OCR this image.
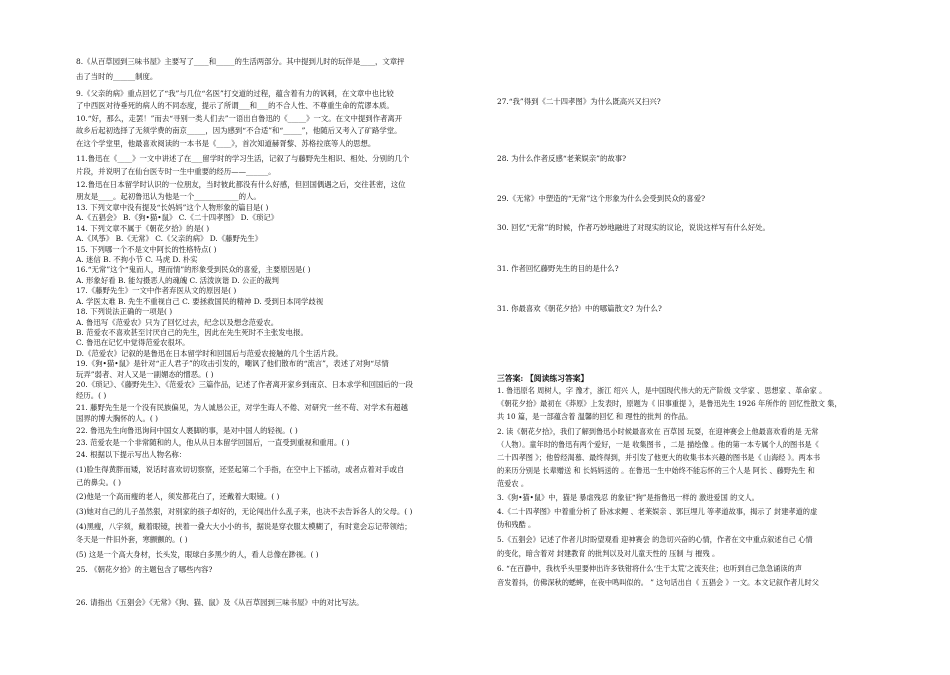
8.《从百草园到三味书屋》主要写了____和_____的生活两部分。其中提到儿时的玩伴是____，文章抨
击了当时的______制度。
9.《父亲的病》重点回忆了“我”与几位“名医”打交道的过程，蕴含着有力的讽刺，在文章中也比较
了中西医对待垂死的病人的不同态度，提示了所谓___和___的不合人性、不尊重生命的荒谬本质。
10.“好，那么，走罢！”而去“寻别一类人们去”一语出自鲁迅的《_____》一文。在文中提到作者离开
故乡后起初选择了无须学费的南京_____，因为感到“不合适”和“_____”，他随后又考入了矿路学堂。
在这个学堂里，他最喜欢阅读的一本书是《____》，首次知道赫胥黎、苏格拉底等人的思想。
11.鲁迅在《____》一文中讲述了在___留学时的学习生活，记叙了与藤野先生相识、相处、分别的几个
片段，并说明了在仙台医专时一生中重要的经历——______。
12.鲁迅在日本留学时认识的一位朋友，当时彼此都没有什么好感，但回国偶遇之后，交往甚密，这位
朋友是____。起初鲁迅认为他是一个____________的人。
13. 下列文章中没有提及“长妈妈”这个人物形象的篇目是( )
A.《五猖会》 B.《狗•猫•鼠》 C.《二十四孝图》 D.《琐记》
14. 下列文章不属于《朝花夕拾》的是( )
A.《风筝》 B.《无常》 C.《父亲的病》 D.《藤野先生》
15. 下列哪一个不是文中阿长的性格特点( )
A. 迷信 B. 不拘小节 C. 马虎 D. 朴实
16.“无常”这个“鬼而人，理而情”的形象受到民众的喜爱，主要原因是( )
A. 形象好看 B. 能勾摄恶人的魂魄 C. 活泼诙谐 D. 公正的裁判
17.《藤野先生》一文中作者弃医从文的原因是( )
A. 学医太难 B. 先生不重视自己 C. 要拯救国民的精神 D. 受到日本同学歧视
18. 下列说法正确的一项是( )
A. 鲁迅写《范爱农》只为了回忆过去，纪念以及想念范爱农。
B. 范爱农不喜欢甚至讨厌自己的先生，因此在先生死时不主张发电报。
C. 鲁迅在记忆中觉得范爱农很坏。
D.《范爱农》记叙的是鲁迅在日本留学时和回国后与范爱农接触的几个生活片段。
19.《狗•猫•鼠》是针对“正人君子”的攻击引发的，嘲讽了他们散布的“流言”，表述了对狗“尽情
玩弄”弱者、对人又是一副媚态的憎恶。( )
20.《琐记》、《藤野先生》、《范爱农》三篇作品，记述了作者离开家乡到南京、日本求学和回国后的一段
经历。( )
21. 藤野先生是一个没有民族偏见，为人诚恳公正，对学生诲人不倦、对研究一丝不苟、对学术有超越
国界的博大胸怀的人。( )
22. 鲁迅先生向鲁迅询问中国女人裹脚的事，是对中国人的轻视。( )
23. 范爱农是一个非常随和的人，他从从日本留学回国后，一直受到重视和重用。( )
24. 根据以下提示写出人物名称：
(1)脸生得黄胖而矮，说话时喜欢切切察察，还竖起第二个手指，在空中上下摇动，或者点着对手或自
己的鼻尖。( )
(2)他是一个高而瘦的老人，须发都花白了，还戴着大眼镜。( )
(3)她对自己的儿子虽然狠，对别家的孩子却好的，无论闯出什么乱子来，也决不去告诉各人的父母。( )
(4)黑瘦，八字须，戴着眼镜，挟着一叠大大小小的书，据说是穿衣服太模糊了，有时竟会忘记带领结；
冬天是一件旧外套，寒颤颤的。( )
(5) 这是一个高大身材，长头发，眼球白多黑少的人，看人总像在渺视。( )
25. 《朝花夕拾》的主题包含了哪些内容?
26. 请指出《五猖会》《无常》《狗、猫、鼠》及《从百草园到三味书屋》中的对比写法。
27.“我”得到《二十四孝图》为什么既高兴又扫兴?
28. 为什么作者反感“老莱娱亲”的故事?
29.《无常》中塑造的“无常”这个形象为什么会受到民众的喜爱?
30. 回忆“无常”的时候，作者巧妙地融进了对现实的议论，说说这样写有什么好处。
31. 作者回忆藤野先生的目的是什么?
31. 你最喜欢《朝花夕拾》中的哪篇散文? 为什么?
三答案: 【阅读练习答案】
1. 鲁迅原名 周树人，字 豫才，浙江 绍兴 人，是中国现代伟大的无产阶级 文学家 、思想家 、革命家 。
《朝花夕拾》最初在《莽原》上发表时，原题为《 旧事重提 》，是鲁迅先生 1926 年所作的 回忆性散文 集，
共 10 篇，是一部蕴含着 温馨的回忆 和 理性的批判 的作品。
2. 读《朝花夕拾》，我们了解到鲁迅小时候最喜欢在 百草园 玩耍，在迎神赛会上他最喜欢看的是 无常
（人物）。童年时的鲁迅有两个爱好，一是 收集图书 ，二是 描绘像 。他的第一本专属个人的图书是《
二十四孝图 》；他曾经渴慕、最终得到，并引发了他更大的收集书本兴趣的图书是《 山海经 》。两本书
的来历分别是 长辈赠送 和 长妈妈送的 。在鲁迅一生中始终不能忘怀的三个人是 阿长 、藤野先生 和
范爱农 。
3.《狗•猫•鼠》中，猫是 暴虐残忍 的象征“狗”是指鲁迅一样的 激进爱国 的文人。
4.《二十四孝图》中着重分析了 卧冰求鲤 、老莱娱亲 、郭巨埋儿 等孝道故事，揭示了 封建孝道的虚
伪和残酷 。
5.《五猖会》记述了作者儿时盼望观看 迎神赛会 的急切兴奋的心情，作者在文中重点叙述自己 心情
的变化，暗含着对 封建教育 的批判以及对儿童天性的 压制 与 摧残 。
6. “在百静中，我枕乎头里要伸出许多铁钳将什么‘生于太荒’之流夹住；也听到自己急急诵读的声
音发着抖，仿佛深秋的蟋蟀，在夜中鸣叫似的。 ” 这句话出自《 五猖会 》一文。本文记叙作者儿时父
